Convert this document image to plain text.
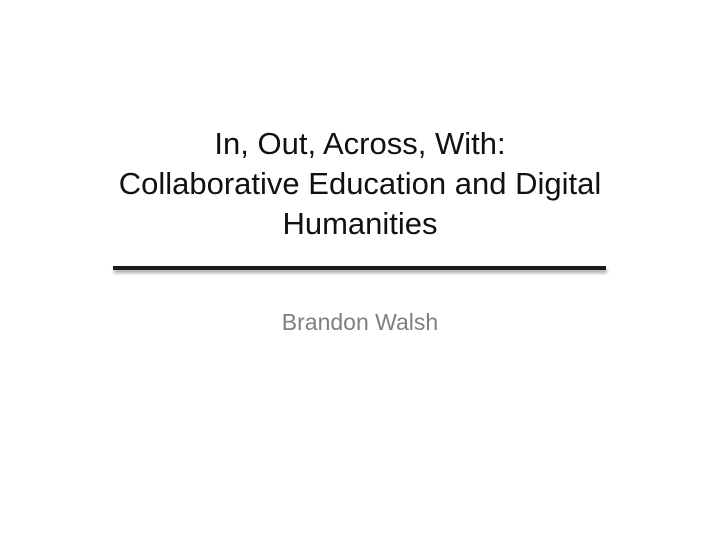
In, Out, Across, With:
Collaborative Education and Digital
Humanities

Brandon Walsh
